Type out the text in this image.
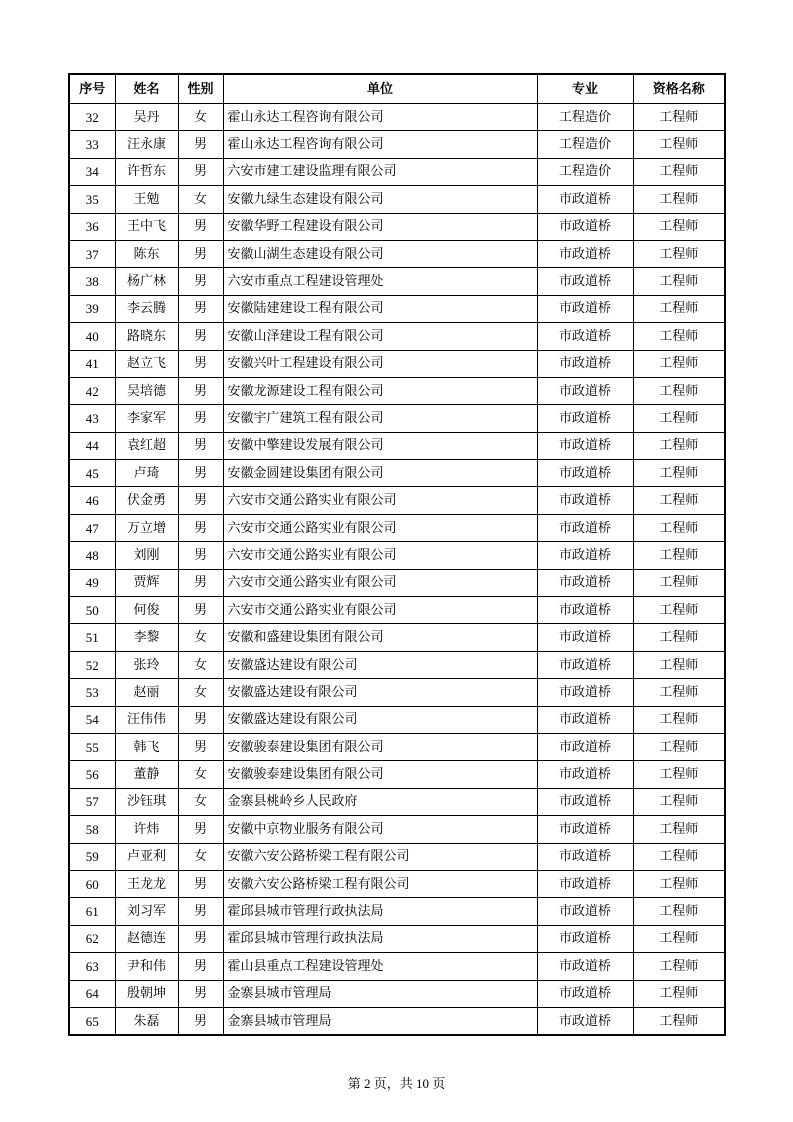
序号	姓名	性别	单位	专业	资格名称
32	吴丹	女	霍山永达工程咨询有限公司	工程造价	工程师
33	汪永康	男	霍山永达工程咨询有限公司	工程造价	工程师
34	许哲东	男	六安市建工建设监理有限公司	工程造价	工程师
35	王勉	女	安徽九绿生态建设有限公司	市政道桥	工程师
36	王中飞	男	安徽华野工程建设有限公司	市政道桥	工程师
37	陈东	男	安徽山湖生态建设有限公司	市政道桥	工程师
38	杨广林	男	六安市重点工程建设管理处	市政道桥	工程师
39	李云腾	男	安徽陆建建设工程有限公司	市政道桥	工程师
40	路晓东	男	安徽山泽建设工程有限公司	市政道桥	工程师
41	赵立飞	男	安徽兴叶工程建设有限公司	市政道桥	工程师
42	吴培德	男	安徽龙源建设工程有限公司	市政道桥	工程师
43	李家军	男	安徽宇广建筑工程有限公司	市政道桥	工程师
44	袁红超	男	安徽中擎建设发展有限公司	市政道桥	工程师
45	卢琦	男	安徽金圆建设集团有限公司	市政道桥	工程师
46	伏金勇	男	六安市交通公路实业有限公司	市政道桥	工程师
47	万立增	男	六安市交通公路实业有限公司	市政道桥	工程师
48	刘刚	男	六安市交通公路实业有限公司	市政道桥	工程师
49	贾辉	男	六安市交通公路实业有限公司	市政道桥	工程师
50	何俊	男	六安市交通公路实业有限公司	市政道桥	工程师
51	李黎	女	安徽和盛建设集团有限公司	市政道桥	工程师
52	张玲	女	安徽盛达建设有限公司	市政道桥	工程师
53	赵丽	女	安徽盛达建设有限公司	市政道桥	工程师
54	汪伟伟	男	安徽盛达建设有限公司	市政道桥	工程师
55	韩飞	男	安徽骏泰建设集团有限公司	市政道桥	工程师
56	董静	女	安徽骏泰建设集团有限公司	市政道桥	工程师
57	沙钰琪	女	金寨县桃岭乡人民政府	市政道桥	工程师
58	许炜	男	安徽中京物业服务有限公司	市政道桥	工程师
59	卢亚利	女	安徽六安公路桥梁工程有限公司	市政道桥	工程师
60	王龙龙	男	安徽六安公路桥梁工程有限公司	市政道桥	工程师
61	刘习军	男	霍邱县城市管理行政执法局	市政道桥	工程师
62	赵德连	男	霍邱县城市管理行政执法局	市政道桥	工程师
63	尹和伟	男	霍山县重点工程建设管理处	市政道桥	工程师
64	殷朝坤	男	金寨县城市管理局	市政道桥	工程师
65	朱磊	男	金寨县城市管理局	市政道桥	工程师
第 2 页，共 10 页
